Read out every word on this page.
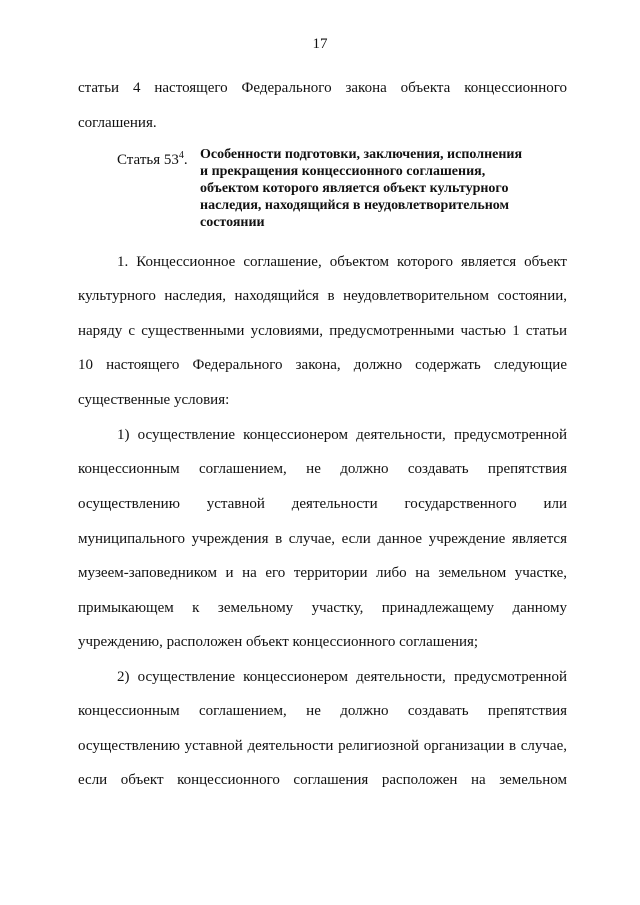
17
статьи 4 настоящего Федерального закона объекта концессионного
соглашения.
Статья $53^4$. Особенности подготовки, заключения, исполнения
и прекращения концессионного соглашения,
объектом которого является объект культурного
наследия, находящийся в неудовлетворительном
состоянии
1. Концессионное соглашение, объектом которого является объект
культурного наследия, находящийся в неудовлетворительном состоянии,
наряду с существенными условиями, предусмотренными частью 1 статьи
10 настоящего Федерального закона, должно содержать следующие
существенные условия:
1) осуществление концессионером деятельности, предусмотренной
концессионным соглашением, не должно создавать препятствия
осуществлению уставной деятельности государственного или
муниципального учреждения в случае, если данное учреждение является
музеем-заповедником и на его территории либо на земельном участке,
примыкающем к земельному участку, принадлежащему данному
учреждению, расположен объект концессионного соглашения;
2) осуществление концессионером деятельности, предусмотренной
концессионным соглашением, не должно создавать препятствия
осуществлению уставной деятельности религиозной организации в случае,
если объект концессионного соглашения расположен на земельном
